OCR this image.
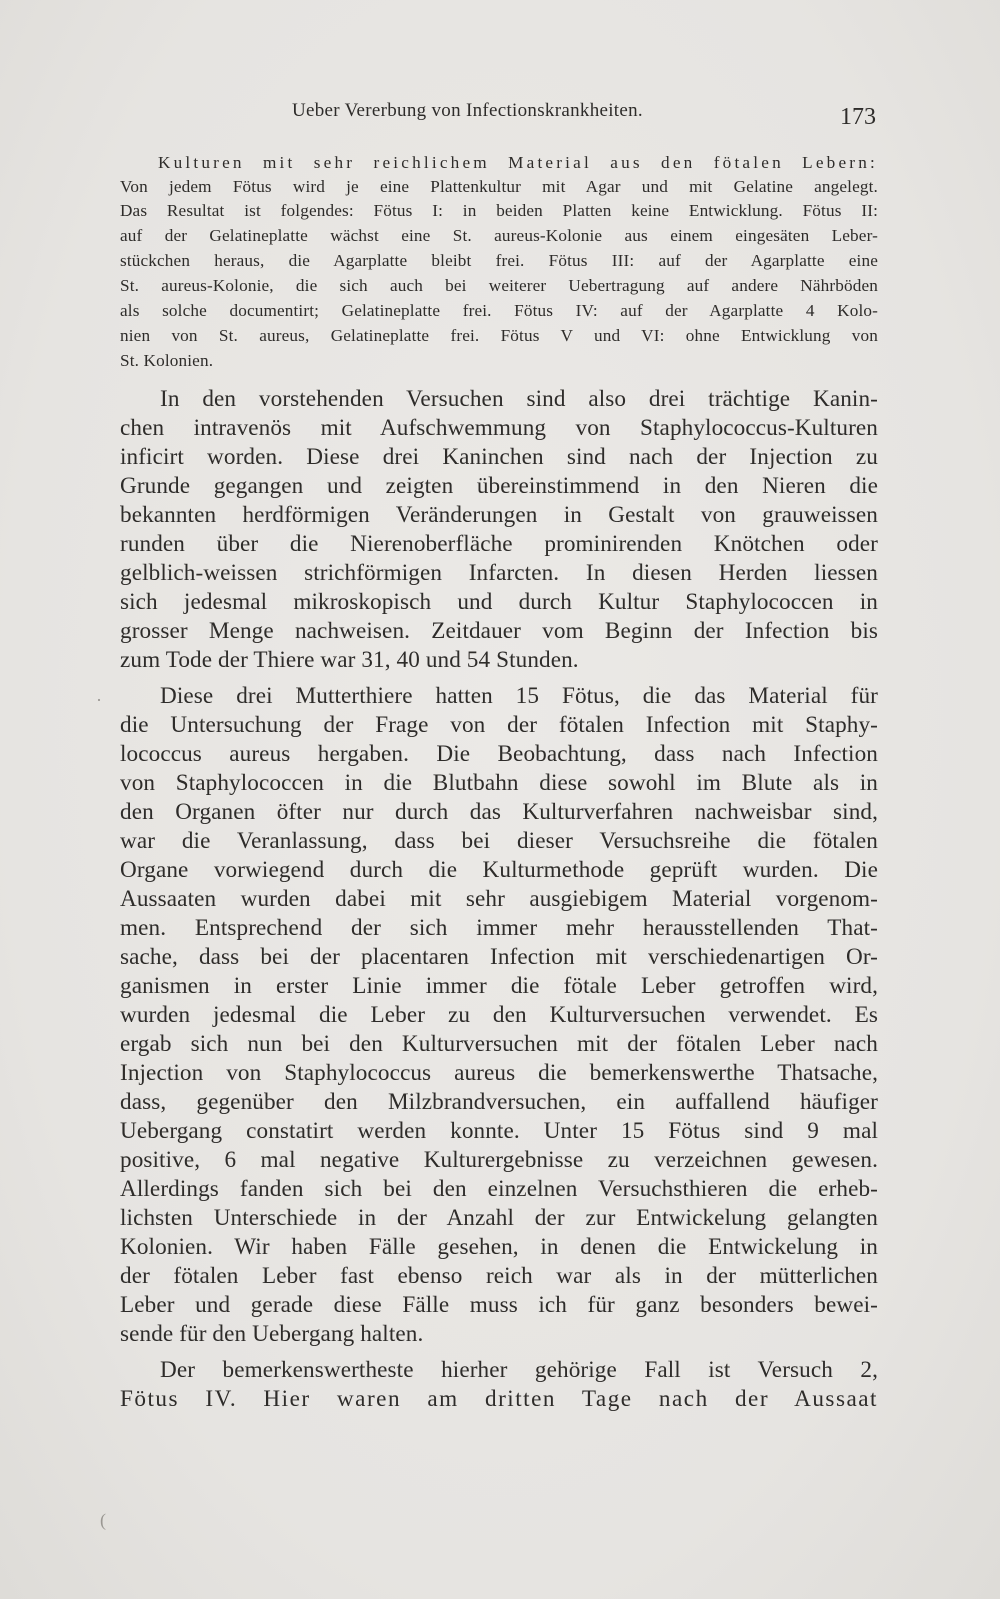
Ueber Vererbung von Infectionskrankheiten.	173
Kulturen mit sehr reichlichem Material aus den fötalen Lebern:
Von jedem Fötus wird je eine Plattenkultur mit Agar und mit Gelatine angelegt.
Das Resultat ist folgendes: Fötus I: in beiden Platten keine Entwicklung. Fötus II:
auf der Gelatineplatte wächst eine St. aureus-Kolonie aus einem eingesäten Leber-
stückchen heraus, die Agarplatte bleibt frei. Fötus III: auf der Agarplatte eine
St. aureus-Kolonie, die sich auch bei weiterer Uebertragung auf andere Nährböden
als solche documentirt; Gelatineplatte frei. Fötus IV: auf der Agarplatte 4 Kolo-
nien von St. aureus, Gelatineplatte frei. Fötus V und VI: ohne Entwicklung von
St. Kolonien.
In den vorstehenden Versuchen sind also drei trächtige Kanin-
chen intravenös mit Aufschwemmung von Staphylococcus-Kulturen
inficirt worden. Diese drei Kaninchen sind nach der Injection zu
Grunde gegangen und zeigten übereinstimmend in den Nieren die
bekannten herdförmigen Veränderungen in Gestalt von grauweissen
runden über die Nierenoberfläche prominirenden Knötchen oder
gelblich-weissen strichförmigen Infarcten. In diesen Herden liessen
sich jedesmal mikroskopisch und durch Kultur Staphylococcen in
grosser Menge nachweisen. Zeitdauer vom Beginn der Infection bis
zum Tode der Thiere war 31, 40 und 54 Stunden.
Diese drei Mutterthiere hatten 15 Fötus, die das Material für
die Untersuchung der Frage von der fötalen Infection mit Staphy-
lococcus aureus hergaben. Die Beobachtung, dass nach Infection
von Staphylococcen in die Blutbahn diese sowohl im Blute als in
den Organen öfter nur durch das Kulturverfahren nachweisbar sind,
war die Veranlassung, dass bei dieser Versuchsreihe die fötalen
Organe vorwiegend durch die Kulturmethode geprüft wurden. Die
Aussaaten wurden dabei mit sehr ausgiebigem Material vorgenom-
men. Entsprechend der sich immer mehr herausstellenden That-
sache, dass bei der placentaren Infection mit verschiedenartigen Or-
ganismen in erster Linie immer die fötale Leber getroffen wird,
wurden jedesmal die Leber zu den Kulturversuchen verwendet. Es
ergab sich nun bei den Kulturversuchen mit der fötalen Leber nach
Injection von Staphylococcus aureus die bemerkenswerthe Thatsache,
dass, gegenüber den Milzbrandversuchen, ein auffallend häufiger
Uebergang constatirt werden konnte. Unter 15 Fötus sind 9 mal
positive, 6 mal negative Kulturergebnisse zu verzeichnen gewesen.
Allerdings fanden sich bei den einzelnen Versuchsthieren die erheb-
lichsten Unterschiede in der Anzahl der zur Entwickelung gelangten
Kolonien. Wir haben Fälle gesehen, in denen die Entwickelung in
der fötalen Leber fast ebenso reich war als in der mütterlichen
Leber und gerade diese Fälle muss ich für ganz besonders bewei-
sende für den Uebergang halten.
Der bemerkenswertheste hierher gehörige Fall ist Versuch 2,
Fötus IV. Hier waren am dritten Tage nach der Aussaat
·
(
